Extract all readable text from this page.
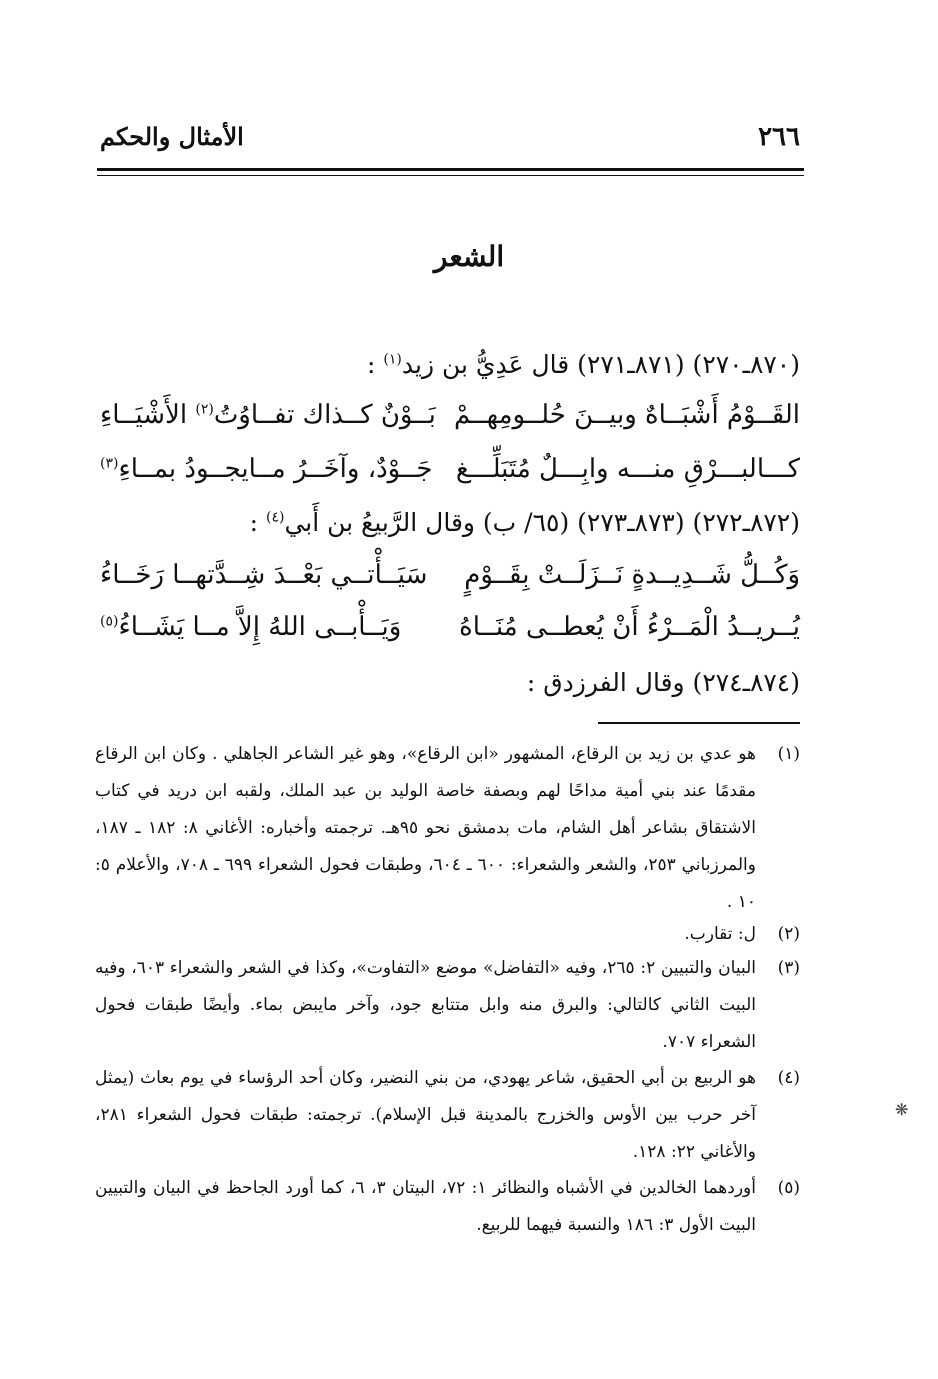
٢٦٦
الأمثال والحكم
الشعر
(٨٧٠ـ٢٧٠) (٨٧١ـ٢٧١) قال عَدِيُّ بن زيد$^{(١)}$ :
القَــوْمُ أَشْبَــاهٌ وبيــنَ حُلــومِهــمْ
بَــوْنٌ كــذاك تفــاوُتُ$^{(٢)}$ الأَشْيَــاءِ
كـــالبـــرْقِ منـــه وابِـــلٌ مُتَبَلِّـــغ
جَــوْدٌ، وآخَــرُ مــايجــودُ بمــاءِ$^{(٣)}$
(٨٧٢ـ٢٧٢) (٨٧٣ـ٢٧٣) (٦٥/ ب) وقال الرَّبيعُ بن أَبي$^{(٤)}$ :
وَكُــلُّ شَــدِيــدةٍ نَــزَلَــتْ بِقَــوْمٍ
سَيَــأْتــي بَعْــدَ شِــدَّتهــا رَخَــاءُ
يُــريــدُ الْمَــرْءُ أَنْ يُعطــى مُنَــاهُ
وَيَــأْبــى اللهُ إِلاَّ مــا يَشَــاءُ$^{(٥)}$
(٨٧٤ـ٢٧٤) وقال الفرزدق :
(١)
هو عدي بن زيد بن الرقاع، المشهور «ابن الرقاع»، وهو غير الشاعر الجاهلي . وكان ابن الرقاع مقدمًا عند بني أمية مداحًا لهم وبصفة خاصة الوليد بن عبد الملك، ولقبه ابن دريد في كتاب الاشتقاق بشاعر أهل الشام، مات بدمشق نحو ٩٥هـ. ترجمته وأخباره: الأغاني ٨: ١٨٢ ـ ١٨٧، والمرزباني ٢٥٣، والشعر والشعراء: ٦٠٠ ـ ٦٠٤، وطبقات فحول الشعراء ٦٩٩ ـ ٧٠٨، والأعلام ٥: ١٠ .
(٢)
ل: تقارب.
(٣)
البيان والتبيين ٢: ٢٦٥، وفيه «التفاضل» موضع «التفاوت»، وكذا في الشعر والشعراء ٦٠٣، وفيه البيت الثاني كالتالي: والبرق منه وابل متتابع جود، وآخر مايبض بماء. وأيضًا طبقات فحول الشعراء ٧٠٧.
(٤)
هو الربيع بن أبي الحقيق، شاعر يهودي، من بني النضير، وكان أحد الرؤساء في يوم بعاث (يمثل آخر حرب بين الأوس والخزرج بالمدينة قبل الإسلام). ترجمته: طبقات فحول الشعراء ٢٨١، والأغاني ٢٢: ١٢٨.
(٥)
أوردهما الخالدين في الأشباه والنظائر ١: ٧٢، البيتان ٣، ٦، كما أورد الجاحظ في البيان والتبيين البيت الأول ٣: ١٨٦ والنسبة فيهما للربيع.
❋
